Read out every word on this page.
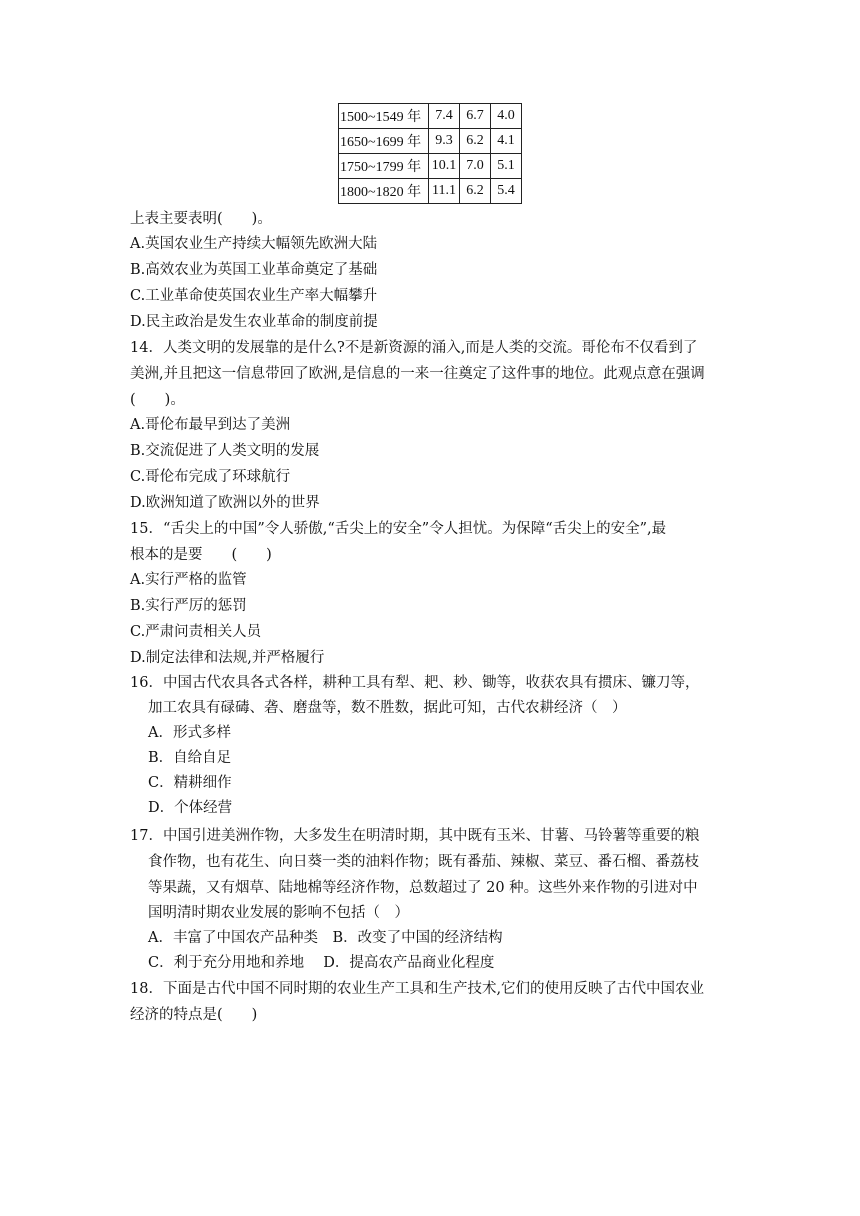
1500~1549 年	7.4	6.7	4.0
1650~1699 年	9.3	6.2	4.1
1750~1799 年	10.1	7.0	5.1
1800~1820 年	11.1	6.2	5.4
上表主要表明(　　)。
A.英国农业生产持续大幅领先欧洲大陆
B.高效农业为英国工业革命奠定了基础
C.工业革命使英国农业生产率大幅攀升
D.民主政治是发生农业革命的制度前提
14．人类文明的发展靠的是什么?不是新资源的涌入,而是人类的交流。哥伦布不仅看到了
美洲,并且把这一信息带回了欧洲,是信息的一来一往奠定了这件事的地位。此观点意在强调
(　　)。
A.哥伦布最早到达了美洲
B.交流促进了人类文明的发展
C.哥伦布完成了环球航行
D.欧洲知道了欧洲以外的世界
15．“舌尖上的中国”令人骄傲,“舌尖上的安全”令人担忧。为保障“舌尖上的安全”,最
根本的是要　　(　　)
A.实行严格的监管
B.实行严厉的惩罚
C.严肃问责相关人员
D.制定法律和法规,并严格履行
16．中国古代农具各式各样，耕种工具有犁、耙、耖、锄等，收获农具有掼床、镰刀等，
加工农具有碌碡、砻、磨盘等，数不胜数，据此可知，古代农耕经济（　）
A．形式多样
B．自给自足
C．精耕细作
D．个体经营
17．中国引进美洲作物，大多发生在明清时期，其中既有玉米、甘薯、马铃薯等重要的粮
食作物，也有花生、向日葵一类的油料作物；既有番茄、辣椒、菜豆、番石榴、番荔枝
等果蔬，又有烟草、陆地棉等经济作物，总数超过了 20 种。这些外来作物的引进对中
国明清时期农业发展的影响不包括（　）
A．丰富了中国农产品种类　B．改变了中国的经济结构
C．利于充分用地和养地　 D．提高农产品商业化程度
18．下面是古代中国不同时期的农业生产工具和生产技术,它们的使用反映了古代中国农业
经济的特点是(　　)
